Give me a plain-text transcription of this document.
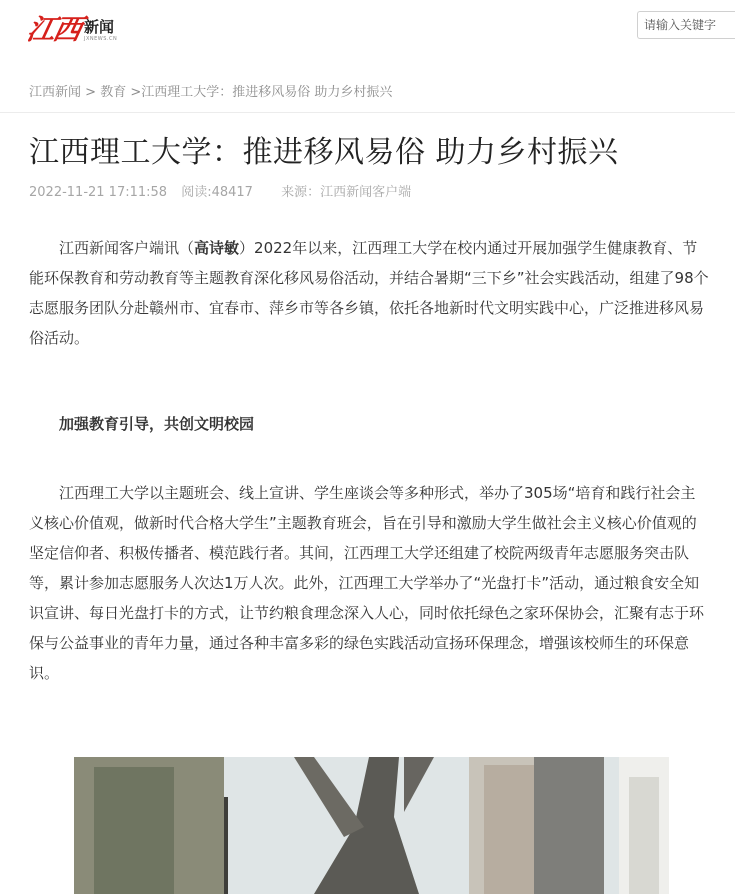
江西 新闻
JXNEWS.CN
请输入关键字
江西新闻 > 教育 >江西理工大学：推进移风易俗 助力乡村振兴
江西理工大学：推进移风易俗 助力乡村振兴
2022-11-21 17:11:58 阅读:48417 来源：江西新闻客户端

江西新闻客户端讯（高诗敏）2022年以来，江西理工大学在校内通过开展加强学生健康教育、节能环保教育和劳动教育等主题教育深化移风易俗活动，并结合暑期“三下乡”社会实践活动，组建了98个志愿服务团队分赴赣州市、宜春市、萍乡市等各乡镇，依托各地新时代文明实践中心，广泛推进移风易俗活动。

加强教育引导，共创文明校园

江西理工大学以主题班会、线上宣讲、学生座谈会等多种形式，举办了305场“培育和践行社会主义核心价值观，做新时代合格大学生”主题教育班会，旨在引导和激励大学生做社会主义核心价值观的坚定信仰者、积极传播者、模范践行者。其间，江西理工大学还组建了校院两级青年志愿服务突击队等，累计参加志愿服务人次达1万人次。此外，江西理工大学举办了“光盘打卡”活动，通过粮食安全知识宣讲、每日光盘打卡的方式，让节约粮食理念深入人心，同时依托绿色之家环保协会，汇聚有志于环保与公益事业的青年力量，通过各种丰富多彩的绿色实践活动宣扬环保理念，增强该校师生的环保意识。
